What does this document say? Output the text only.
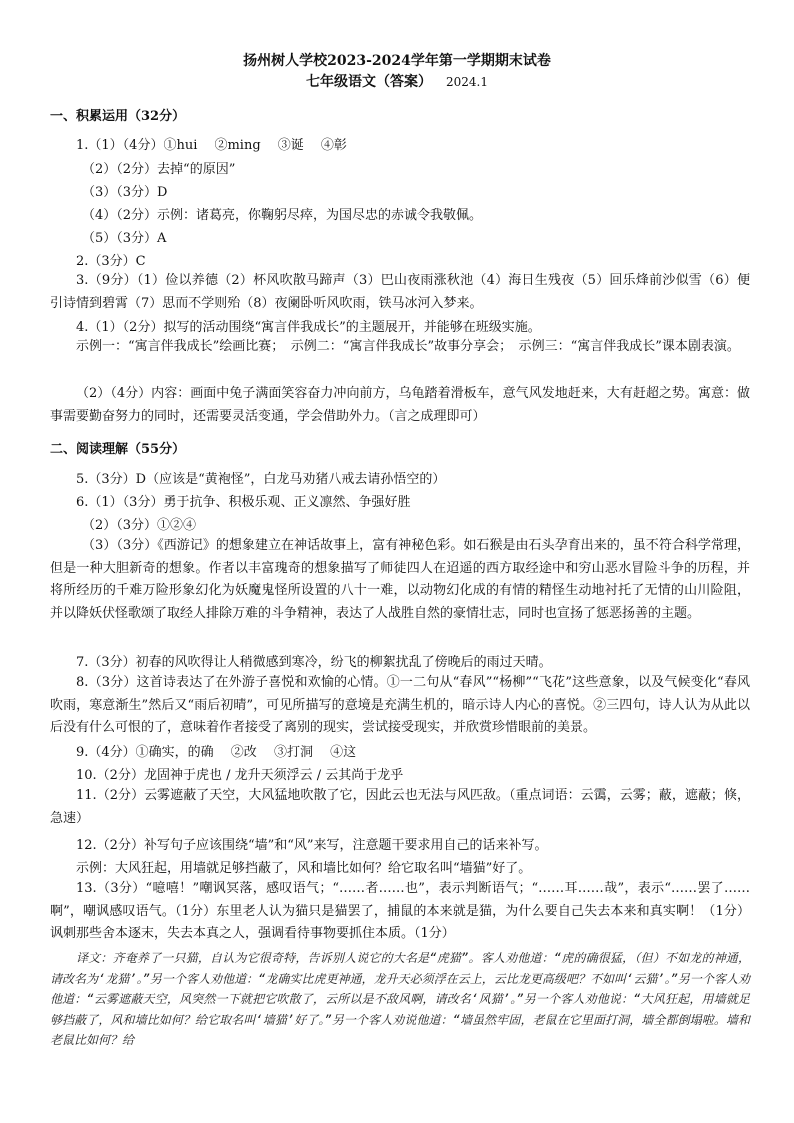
扬州树人学校2023-2024学年第一学期期末试卷
七年级语文（答案） 2024.1
一、积累运用（32分）
1.（1）（4分）①hui　 ②ming　 ③诞　 ④彰
（2）（2分）去掉“的原因”
（3）（3分）D
（4）（2分）示例：诸葛亮，你鞠躬尽瘁，为国尽忠的赤诚令我敬佩。
（5）（3分）A
2.（3分）C
3.（9分）（1）俭以养德（2）杯风吹散马蹄声（3）巴山夜雨涨秋池（4）海日生残夜（5）回乐烽前沙似雪（6）便引诗情到碧霄（7）思而不学则殆（8）夜阑卧听风吹雨，铁马冰河入梦来。
4.（1）（2分）拟写的活动围绕“寓言伴我成长”的主题展开，并能够在班级实施。
示例一：“寓言伴我成长”绘画比赛；　示例二：“寓言伴我成长”故事分享会；　示例三：“寓言伴我成长”课本剧表演。
（2）（4分）内容：画面中兔子满面笑容奋力冲向前方，乌龟踏着滑板车，意气风发地赶来，大有赶超之势。寓意：做事需要勤奋努力的同时，还需要灵活变通，学会借助外力。（言之成理即可）
二、阅读理解（55分）
5.（3分）D（应该是“黄袍怪”，白龙马劝猪八戒去请孙悟空的）
6.（1）（3分）勇于抗争、积极乐观、正义凛然、争强好胜
（2）（3分）①②④
（3）（3分）《西游记》的想象建立在神话故事上，富有神秘色彩。如石猴是由石头孕育出来的，虽不符合科学常理，但是一种大胆新奇的想象。作者以丰富瑰奇的想象描写了师徒四人在迢遥的西方取经途中和穷山恶水冒险斗争的历程，并将所经历的千难万险形象幻化为妖魔鬼怪所设置的八十一难，以动物幻化成的有情的精怪生动地衬托了无情的山川险阻，并以降妖伏怪歌颂了取经人排除万难的斗争精神，表达了人战胜自然的豪情壮志，同时也宣扬了惩恶扬善的主题。
7.（3分）初春的风吹得让人稍微感到寒冷，纷飞的柳絮扰乱了傍晚后的雨过天晴。
8.（3分）这首诗表达了在外游子喜悦和欢愉的心情。①一二句从“春风”“杨柳”“飞花”这些意象，以及气候变化“春风吹雨，寒意渐生”然后又“雨后初晴”，可见所描写的意境是充满生机的，暗示诗人内心的喜悦。②三四句，诗人认为从此以后没有什么可恨的了，意味着作者接受了离别的现实，尝试接受现实，并欣赏珍惜眼前的美景。
9.（4分）①确实，的确　 ②改　 ③打洞　 ④这
10.（2分）龙固神于虎也 / 龙升天须浮云 / 云其尚于龙乎
11.（2分）云雾遮蔽了天空，大风猛地吹散了它，因此云也无法与风匹敌。（重点词语：云霭，云雾；蔽，遮蔽；倏，急速）
12.（2分）补写句子应该围绕“墙”和“风”来写，注意题干要求用自己的话来补写。
示例：大风狂起，用墙就足够挡蔽了，风和墙比如何？给它取名叫“墙猫”好了。
13.（3分）“噫嘻！”嘲讽冥落，感叹语气；“……者……也”，表示判断语气；“……耳……哉”，表示“……罢了……啊”，嘲讽感叹语气。（1分）东里老人认为猫只是猫罢了，捕鼠的本来就是猫，为什么要自己失去本来和真实啊！（1分）讽刺那些舍本逐末，失去本真之人，强调看待事物要抓住本质。（1分）
译文：齐奄养了一只猫，自认为它很奇特，告诉别人说它的大名是“虎猫”。客人劝他道：“虎的确很猛，（但）不如龙的神通，请改名为‘龙猫’。”另一个客人劝他道：“龙确实比虎更神通，龙升天必须浮在云上，云比龙更高级吧？不如叫‘云猫’。”另一个客人劝他道：“云雾遮蔽天空，风突然一下就把它吹散了，云所以是不敌风啊，请改名‘风猫’。”另一个客人劝他说：“大风狂起，用墙就足够挡蔽了，风和墙比如何？给它取名叫‘墙猫’好了。”另一个客人劝说他道：“墙虽然牢固，老鼠在它里面打洞，墙全都倒塌啦。墙和老鼠比如何？给
